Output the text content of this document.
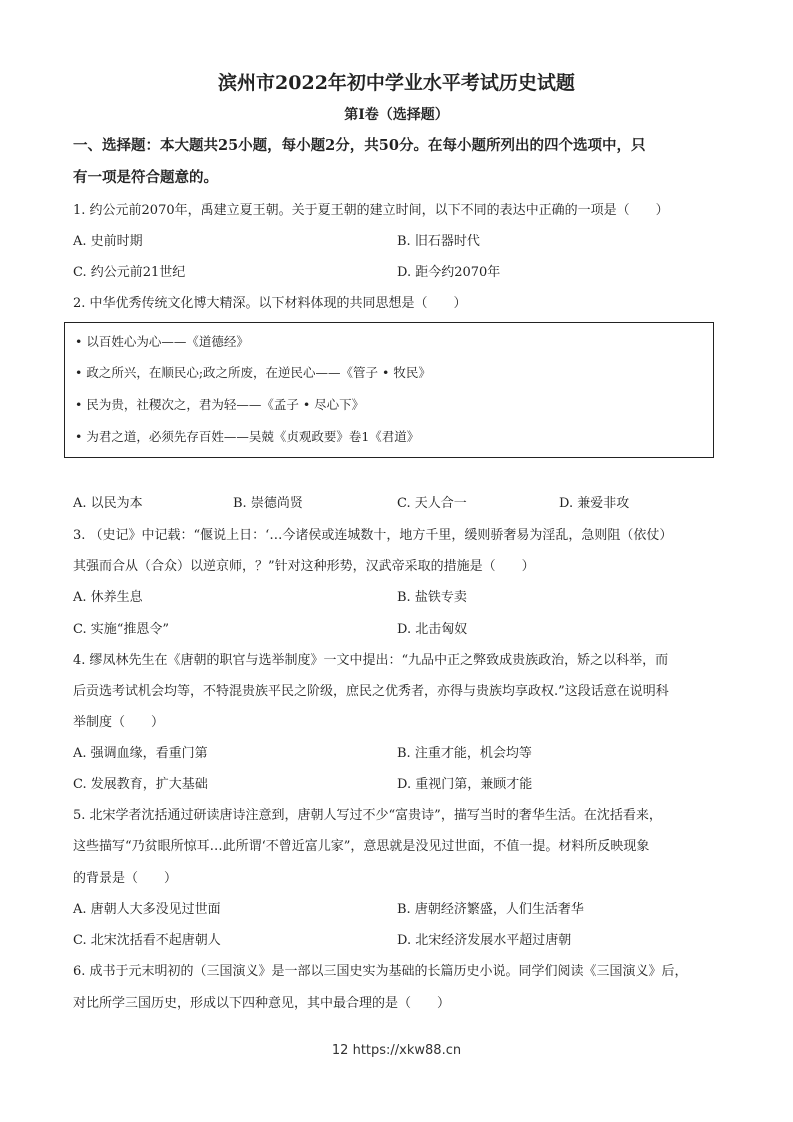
滨州市2022年初中学业水平考试历史试题
第Ⅰ卷（选择题）
一、选择题：本大题共25小题，每小题2分，共50分。在每小题所列出的四个选项中，只
有一项是符合题意的。
1. 约公元前2070年，禹建立夏王朝。关于夏王朝的建立时间，以下不同的表达中正确的一项是（　　）
A. 史前时期	B. 旧石器时代
C. 约公元前21世纪	D. 距今约2070年
2. 中华优秀传统文化博大精深。以下材料体现的共同思想是（　　）
• 以百姓心为心——《道德经》
• 政之所兴，在顺民心;政之所废，在逆民心——《管子 • 牧民》
• 民为贵，社稷次之，君为轻——《孟子 • 尽心下》
• 为君之道，必须先存百姓——吴兢《贞观政要》卷1《君道》
A. 以民为本	B. 崇德尚贤	C. 天人合一	D. 兼爱非攻
3. （史记》中记载：“偃说上日：‘…今诸侯或连城数十，地方千里，缓则骄奢易为淫乱，急则阻（依仗）
其强而合从（合众）以逆京师，？”针对这种形势，汉武帝采取的措施是（　　）
A. 休养生息	B. 盐铁专卖
C. 实施“推恩令”	D. 北击匈奴
4. 缪凤林先生在《唐朝的职官与选举制度》一文中提出：“九品中正之弊致成贵族政治，矫之以科举，而
后贡选考试机会均等，不特混贵族平民之阶级，庶民之优秀者，亦得与贵族均享政权.”这段话意在说明科
举制度（　　）
A. 强调血缘，看重门第	B. 注重才能，机会均等
C. 发展教育，扩大基础	D. 重视门第，兼顾才能
5. 北宋学者沈括通过研读唐诗注意到，唐朝人写过不少“富贵诗”，描写当时的奢华生活。在沈括看来，
这些描写“乃贫眼所惊耳…此所谓‘不曾近富儿家”，意思就是没见过世面，不值一提。材料所反映现象
的背景是（　　）
A. 唐朝人大多没见过世面	B. 唐朝经济繁盛，人们生活奢华
C. 北宋沈括看不起唐朝人	D. 北宋经济发展水平超过唐朝
6. 成书于元末明初的（三国演义》是一部以三国史实为基础的长篇历史小说。同学们阅读《三国演义》后，
对比所学三国历史，形成以下四种意见，其中最合理的是（　　）
12 https://xkw88.cn
